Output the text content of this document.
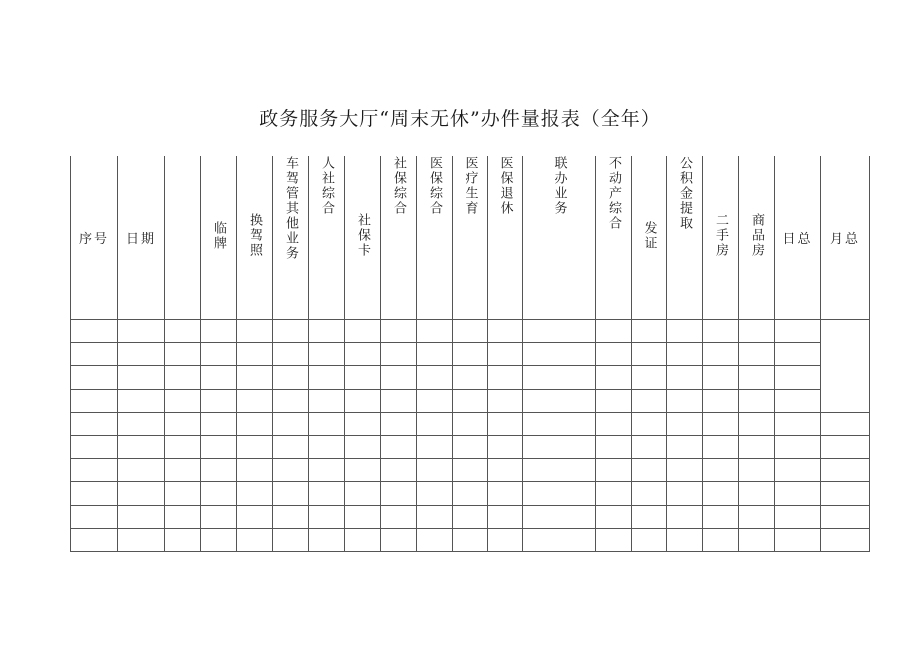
政务服务大厅“周末无休”办件量报表（全年）
序号	日期		临牌	换驾照	车驾管其他业务	人社综合	社保卡	社保综合	医保综合	医疗生育	医保退休	联办业务	不动产综合	发证	公积金提取	二手房	商品房	日总	月总
